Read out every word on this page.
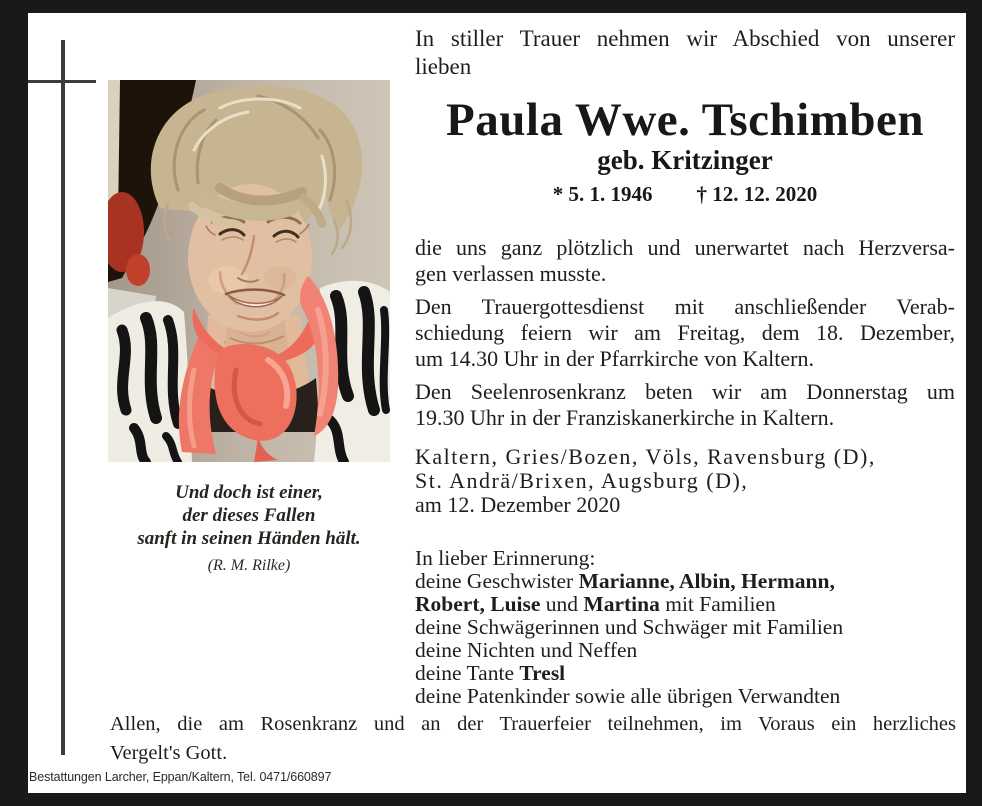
Und doch ist einer,
der dieses Fallen
sanft in seinen Händen hält.
(R. M. Rilke)
In stiller Trauer nehmen wir Abschied von unserer
lieben
Paula Wwe. Tschimben
geb. Kritzinger
* 5. 1. 1946 † 12. 12. 2020
die uns ganz plötzlich und unerwartet nach Herzversa-
gen verlassen musste.
Den Trauergottesdienst mit anschließender Verab-
schiedung feiern wir am Freitag, dem 18. Dezember,
um 14.30 Uhr in der Pfarrkirche von Kaltern.
Den Seelenrosenkranz beten wir am Donnerstag um
19.30 Uhr in der Franziskanerkirche in Kaltern.
Kaltern, Gries/Bozen, Völs, Ravensburg (D),
St. Andrä/Brixen, Augsburg (D),
am 12. Dezember 2020
In lieber Erinnerung:
deine Geschwister Marianne, Albin, Hermann,
Robert, Luise und Martina mit Familien
deine Schwägerinnen und Schwäger mit Familien
deine Nichten und Neffen
deine Tante Tresl
deine Patenkinder sowie alle übrigen Verwandten
Allen, die am Rosenkranz und an der Trauerfeier teilnehmen, im Voraus ein herzliches
Vergelt's Gott.
Bestattungen Larcher, Eppan/Kaltern, Tel. 0471/660897
